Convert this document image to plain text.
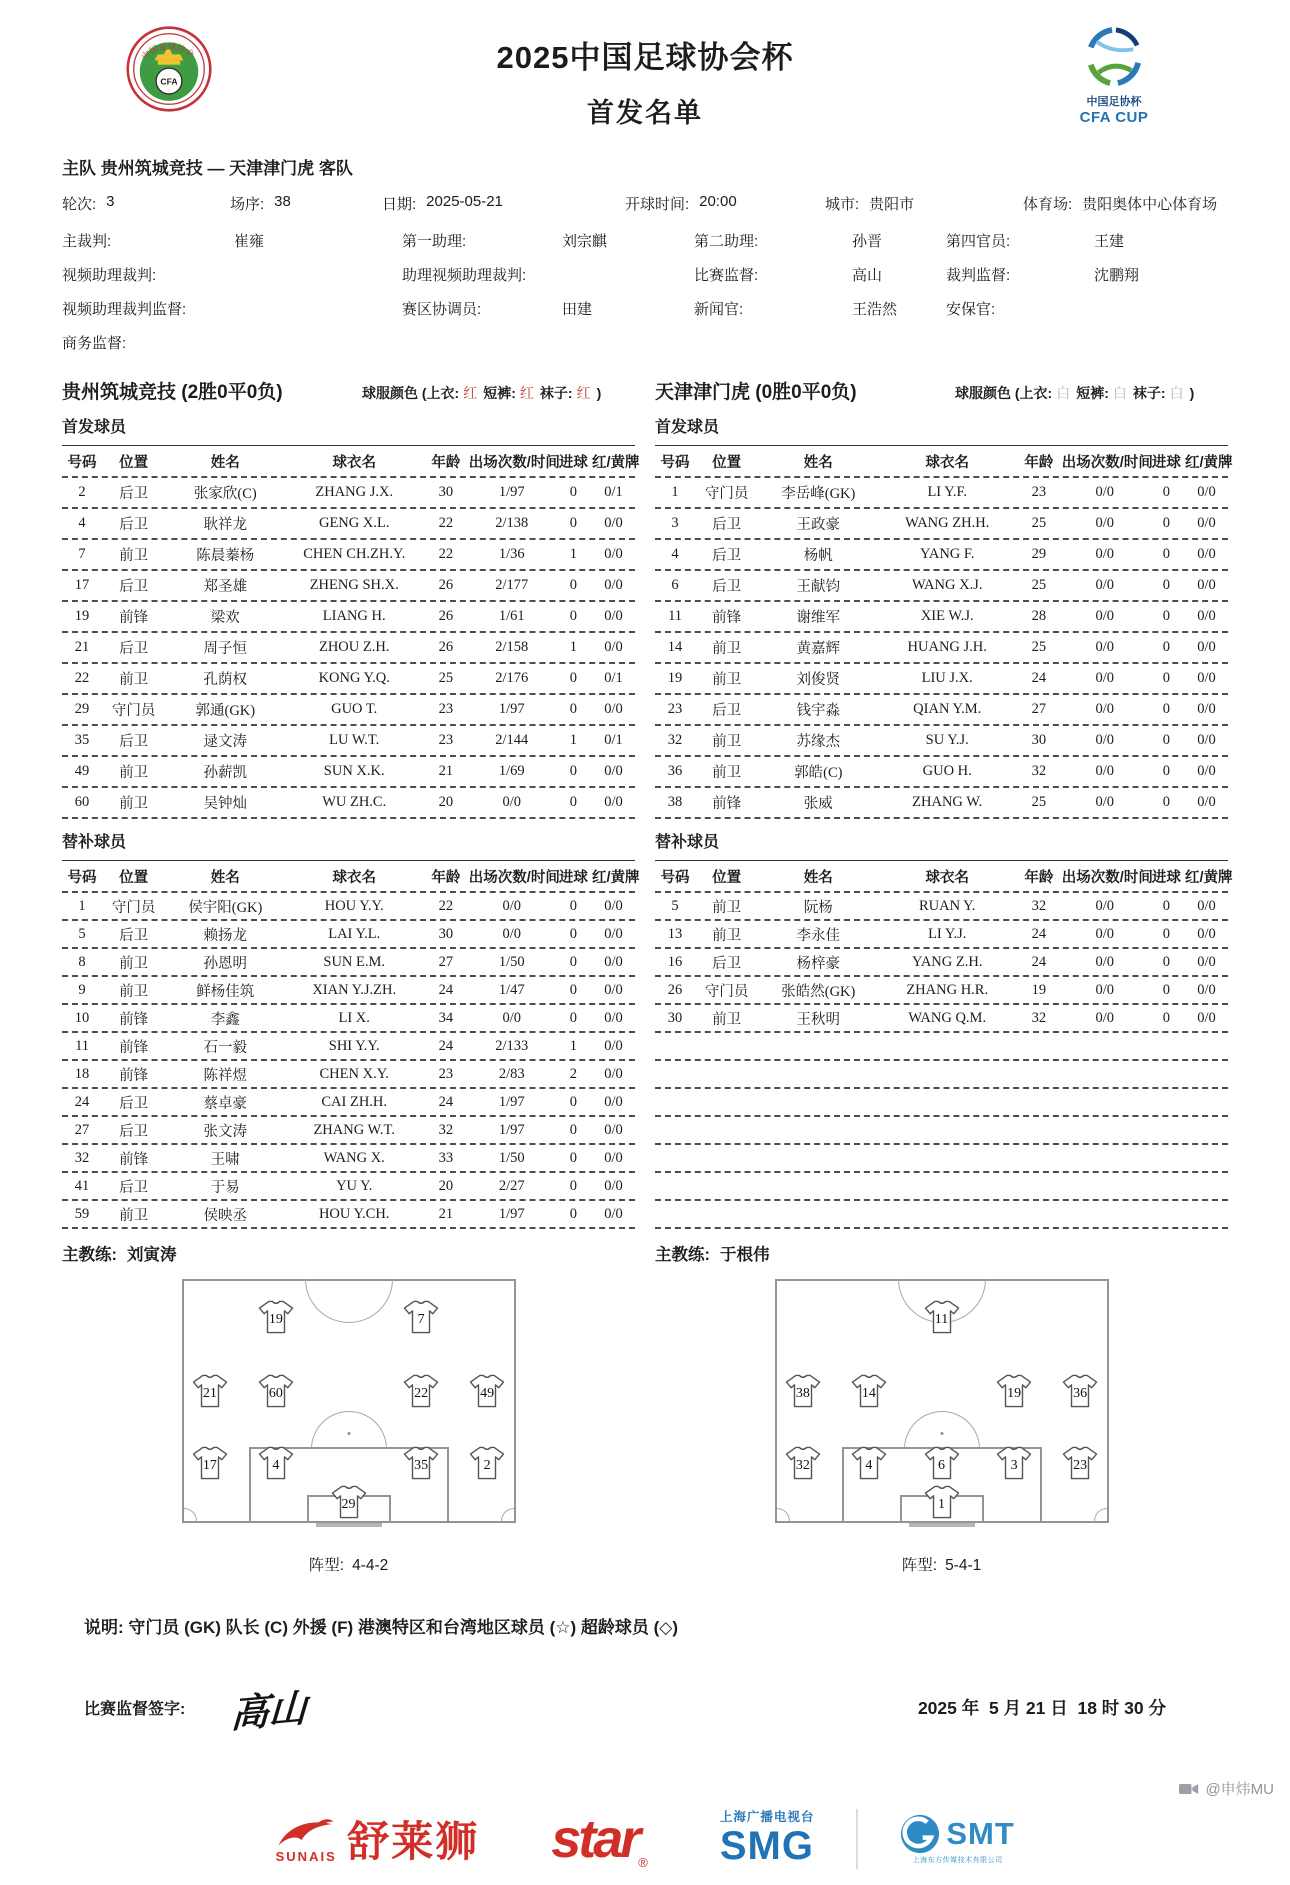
CFA
中国足球协会	2025中国足球协会杯
首发名单	中国足协杯
CFA CUP
主队 贵州筑城竞技 — 天津津门虎 客队
轮次: 3	场序: 38	日期: 2025-05-21	开球时间: 20:00	城市: 贵阳市	体育场: 贵阳奥体中心体育场
主裁判:	崔雍	第一助理:	刘宗麒	第二助理:	孙晋	第四官员:	王建
视频助理裁判:	助理视频助理裁判:	比赛监督:	高山	裁判监督:	沈鹏翔
视频助理裁判监督:	赛区协调员:	田建	新闻官:	王浩然	安保官:
商务监督:
贵州筑城竞技 (2胜0平0负)	球服颜色 (上衣: 红 短裤: 红 袜子: 红 )
首发球员
号码	位置	姓名	球衣名	年龄 出场次数/时间 进球 红/黄牌
2	后卫	张家欣(C)	ZHANG J.X.	30	1/97	0	0/1
4	后卫	耿祥龙	GENG X.L.	22	2/138	0	0/0
7	前卫	陈晨蓁杨	CHEN CH.ZH.Y.	22	1/36	1	0/0
17	后卫	郑圣雄	ZHENG SH.X.	26	2/177	0	0/0
19	前锋	梁欢	LIANG H.	26	1/61	0	0/0
21	后卫	周子恒	ZHOU Z.H.	26	2/158	1	0/0
22	前卫	孔荫权	KONG Y.Q.	25	2/176	0	0/1
29	守门员	郭通(GK)	GUO T.	23	1/97	0	0/0
35	后卫	逯文涛	LU W.T.	23	2/144	1	0/1
49	前卫	孙薪凯	SUN X.K.	21	1/69	0	0/0
60	前卫	吴钟灿	WU ZH.C.	20	0/0	0	0/0
替补球员
号码	位置	姓名	球衣名	年龄 出场次数/时间 进球 红/黄牌
1	守门员	侯宇阳(GK)	HOU Y.Y.	22	0/0	0	0/0
5	后卫	赖扬龙	LAI Y.L.	30	0/0	0	0/0
8	前卫	孙恩明	SUN E.M.	27	1/50	0	0/0
9	前卫	鲜杨佳筑	XIAN Y.J.ZH.	24	1/47	0	0/0
10	前锋	李鑫	LI X.	34	0/0	0	0/0
11	前锋	石一毅	SHI Y.Y.	24	2/133	1	0/0
18	前锋	陈祥煜	CHEN X.Y.	23	2/83	2	0/0
24	后卫	蔡卓豪	CAI ZH.H.	24	1/97	0	0/0
27	后卫	张文涛	ZHANG W.T.	32	1/97	0	0/0
32	前锋	王啸	WANG X.	33	1/50	0	0/0
41	后卫	于易	YU Y.	20	2/27	0	0/0
59	前卫	侯映丞	HOU Y.CH.	21	1/97	0	0/0
主教练: 刘寅涛
19	7
21	60	22	49
17	4	35	2
29
阵型: 4-4-2
天津津门虎 (0胜0平0负)	球服颜色 (上衣: 白 短裤: 白 袜子: 白 )
首发球员
号码	位置	姓名	球衣名	年龄 出场次数/时间 进球 红/黄牌
1	守门员	李岳峰(GK)	LI Y.F.	23	0/0	0	0/0
3	后卫	王政豪	WANG ZH.H.	25	0/0	0	0/0
4	后卫	杨帆	YANG F.	29	0/0	0	0/0
6	后卫	王献钧	WANG X.J.	25	0/0	0	0/0
11	前锋	谢维军	XIE W.J.	28	0/0	0	0/0
14	前卫	黄嘉辉	HUANG J.H.	25	0/0	0	0/0
19	前卫	刘俊贤	LIU J.X.	24	0/0	0	0/0
23	后卫	钱宇淼	QIAN Y.M.	27	0/0	0	0/0
32	前卫	苏缘杰	SU Y.J.	30	0/0	0	0/0
36	前卫	郭皓(C)	GUO H.	32	0/0	0	0/0
38	前锋	张威	ZHANG W.	25	0/0	0	0/0
替补球员
号码	位置	姓名	球衣名	年龄 出场次数/时间 进球 红/黄牌
5	前卫	阮杨	RUAN Y.	32	0/0	0	0/0
13	前卫	李永佳	LI Y.J.	24	0/0	0	0/0
16	后卫	杨梓豪	YANG Z.H.	24	0/0	0	0/0
26	守门员	张皓然(GK)	ZHANG H.R.	19	0/0	0	0/0
30	前卫	王秋明	WANG Q.M.	32	0/0	0	0/0
主教练: 于根伟
11
38	14	19	36
32	4	6	3	23
1
阵型: 5-4-1
说明: 守门员 (GK) 队长 (C) 外援 (F) 港澳特区和台湾地区球员 (☆) 超龄球员 (◇)
比赛监督签字: 高山	2025 年  5 月 21 日  18 时 30 分
SUNAIS 舒莱狮 star®
上海广播电视台
SMG	SMT
上海东方传媒技术有限公司
@申炜MU
